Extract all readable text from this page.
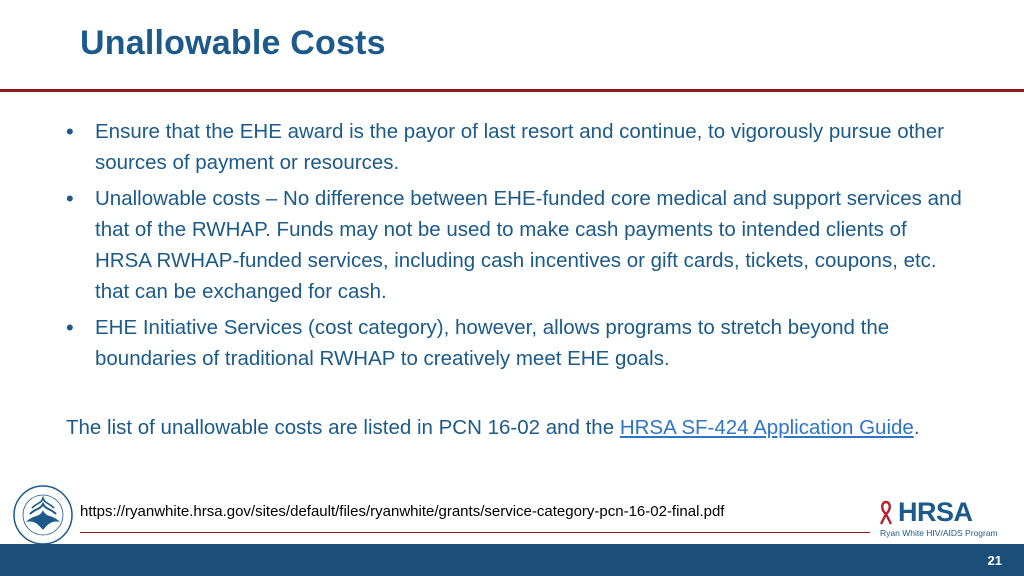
Unallowable Costs
• Ensure that the EHE award is the payor of last resort and continue, to vigorously pursue other sources of payment or resources.
• Unallowable costs – No difference between EHE-funded core medical and support services and that of the RWHAP. Funds may not be used to make cash payments to intended clients of HRSA RWHAP-funded services, including cash incentives or gift cards, tickets, coupons, etc. that can be exchanged for cash.
• EHE Initiative Services (cost category), however, allows programs to stretch beyond the boundaries of traditional RWHAP to creatively meet EHE goals.
The list of unallowable costs are listed in PCN 16-02 and the HRSA SF-424 Application Guide.
https://ryanwhite.hrsa.gov/sites/default/files/ryanwhite/grants/service-category-pcn-16-02-final.pdf	HRSA
Ryan White HIV/AIDS Program
21
